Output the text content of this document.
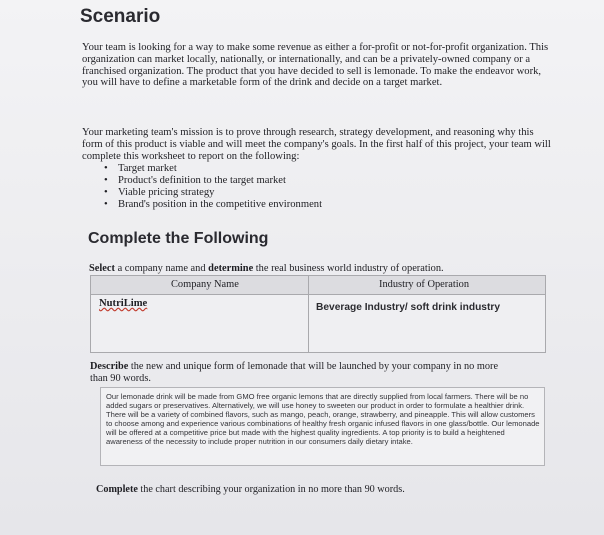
Scenario

Your team is looking for a way to make some revenue as either a for-profit or not-for-profit organization. This organization can market locally, nationally, or internationally, and can be a privately-owned company or a franchised organization. The product that you have decided to sell is lemonade. To make the endeavor work, you will have to define a marketable form of the drink and decide on a target market.

Your marketing team's mission is to prove through research, strategy development, and reasoning why this form of this product is viable and will meet the company's goals. In the first half of this project, your team will complete this worksheet to report on the following:

• Target market
• Product's definition to the target market
• Viable pricing strategy
• Brand's position in the competitive environment
Complete the Following

Select a company name and determine the real business world industry of operation.

Company Name	Industry of Operation
NutriLime	Beverage Industry/ soft drink industry

Describe the new and unique form of lemonade that will be launched by your company in no more than 90 words.

Our lemonade drink will be made from GMO free organic lemons that are directly supplied from local farmers. There will be no added sugars or preservatives. Alternatively, we will use honey to sweeten our product in order to formulate a healthier drink. There will be a variety of combined flavors, such as mango, peach, orange, strawberry, and pineapple. This will allow customers to choose among and experience various combinations of healthy fresh organic infused flavors in one glass/bottle. Our lemonade will be offered at a competitive price but made with the highest quality ingredients. A top priority is to build a heightened awareness of the necessity to include proper nutrition in our consumers daily dietary intake.

Complete the chart describing your organization in no more than 90 words.
